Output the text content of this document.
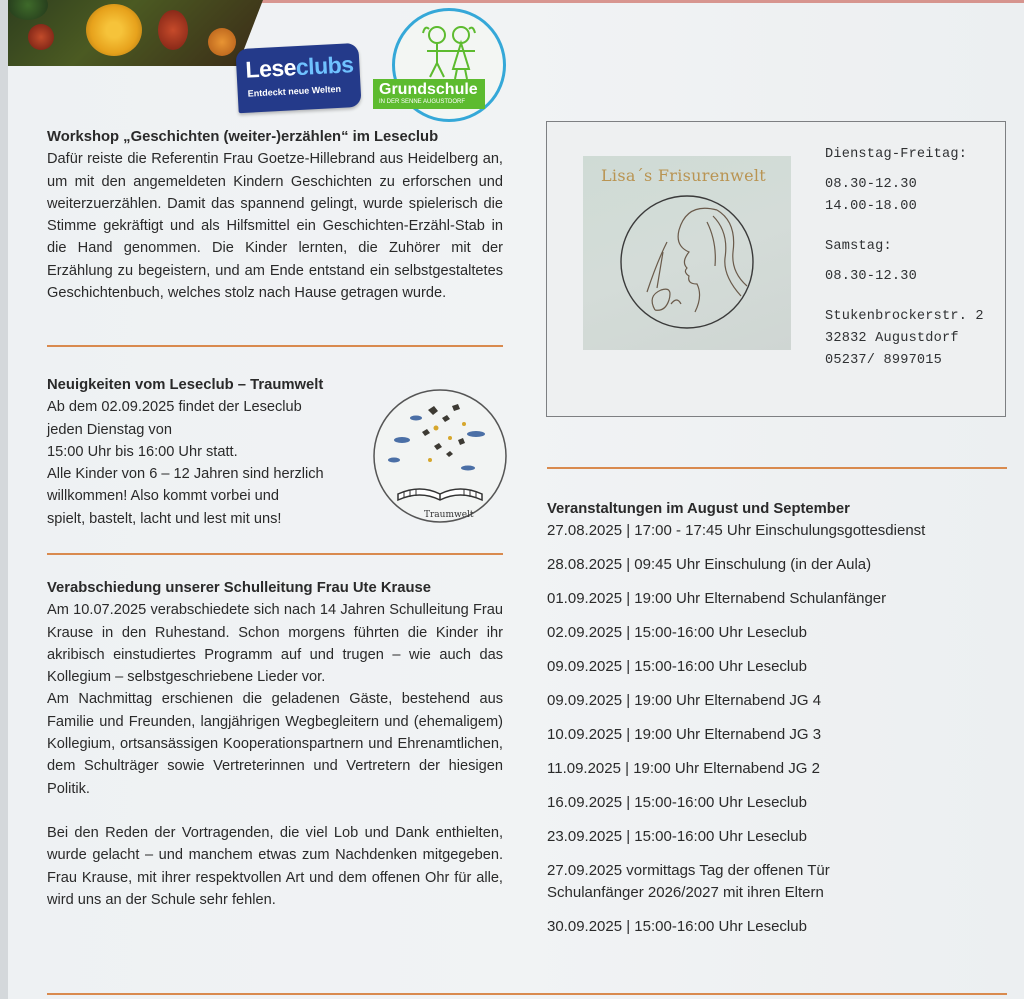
Leseclubs
Entdeckt neue Welten Grundschule
IN DER SENNE AUGUSTDORF

Workshop „Geschichten (weiter-)erzählen“ im Leseclub

Dafür reiste die Referentin Frau Goetze-Hillebrand aus Heidelberg an, um mit den angemeldeten Kindern Geschichten zu erforschen und weiterzuerzählen. Damit das spannend gelingt, wurde spielerisch die Stimme gekräftigt und als Hilfsmittel ein Geschichten-Erzähl-Stab in die Hand genommen. Die Kinder lernten, die Zuhörer mit der Erzählung zu begeistern, und am Ende entstand ein selbstgestaltetes Geschichtenbuch, welches stolz nach Hause getragen wurde.

Neuigkeiten vom Leseclub – Traumwelt

Ab dem 02.09.2025 findet der Leseclub

jeden Dienstag von

15:00 Uhr bis 16:00 Uhr statt.

Alle Kinder von 6 – 12 Jahren sind herzlich

willkommen! Also kommt vorbei und

spielt, bastelt, lacht und lest mit uns!	Traumwelt

Verabschiedung unserer Schulleitung Frau Ute Krause

Am 10.07.2025 verabschiedete sich nach 14 Jahren Schulleitung Frau Krause in den Ruhestand. Schon morgens führten die Kinder ihr akribisch einstudiertes Programm auf und trugen – wie auch das Kollegium – selbstgeschriebene Lieder vor.

Am Nachmittag erschienen die geladenen Gäste, bestehend aus Familie und Freunden, langjährigen Wegbegleitern und (ehemaligem) Kollegium, ortsansässigen Kooperationspartnern und Ehrenamtlichen, dem Schulträger sowie Vertreterinnen und Vertretern der hiesigen Politik.

Bei den Reden der Vortragenden, die viel Lob und Dank enthielten, wurde gelacht – und manchem etwas zum Nachdenken mitgegeben. Frau Krause, mit ihrer respektvollen Art und dem offenen Ohr für alle, wird uns an der Schule sehr fehlen.

Lisa´s Frisurenwelt
Dienstag-Freitag:
08.30-12.30
14.00-18.00
Samstag:
08.30-12.30
Stukenbrockerstr. 2
32832 Augustdorf
05237/ 8997015

Veranstaltungen im August und September

27.08.2025 | 17:00 - 17:45 Uhr Einschulungsgottesdienst

28.08.2025 | 09:45 Uhr Einschulung (in der Aula)

01.09.2025 | 19:00 Uhr Elternabend Schulanfänger

02.09.2025 | 15:00-16:00 Uhr Leseclub

09.09.2025 | 15:00-16:00 Uhr Leseclub

09.09.2025 | 19:00 Uhr Elternabend JG 4

10.09.2025 | 19:00 Uhr Elternabend JG 3

11.09.2025 | 19:00 Uhr Elternabend JG 2

16.09.2025 | 15:00-16:00 Uhr Leseclub

23.09.2025 | 15:00-16:00 Uhr Leseclub

27.09.2025 vormittags Tag der offenen Tür

Schulanfänger 2026/2027 mit ihren Eltern

30.09.2025 | 15:00-16:00 Uhr Leseclub
